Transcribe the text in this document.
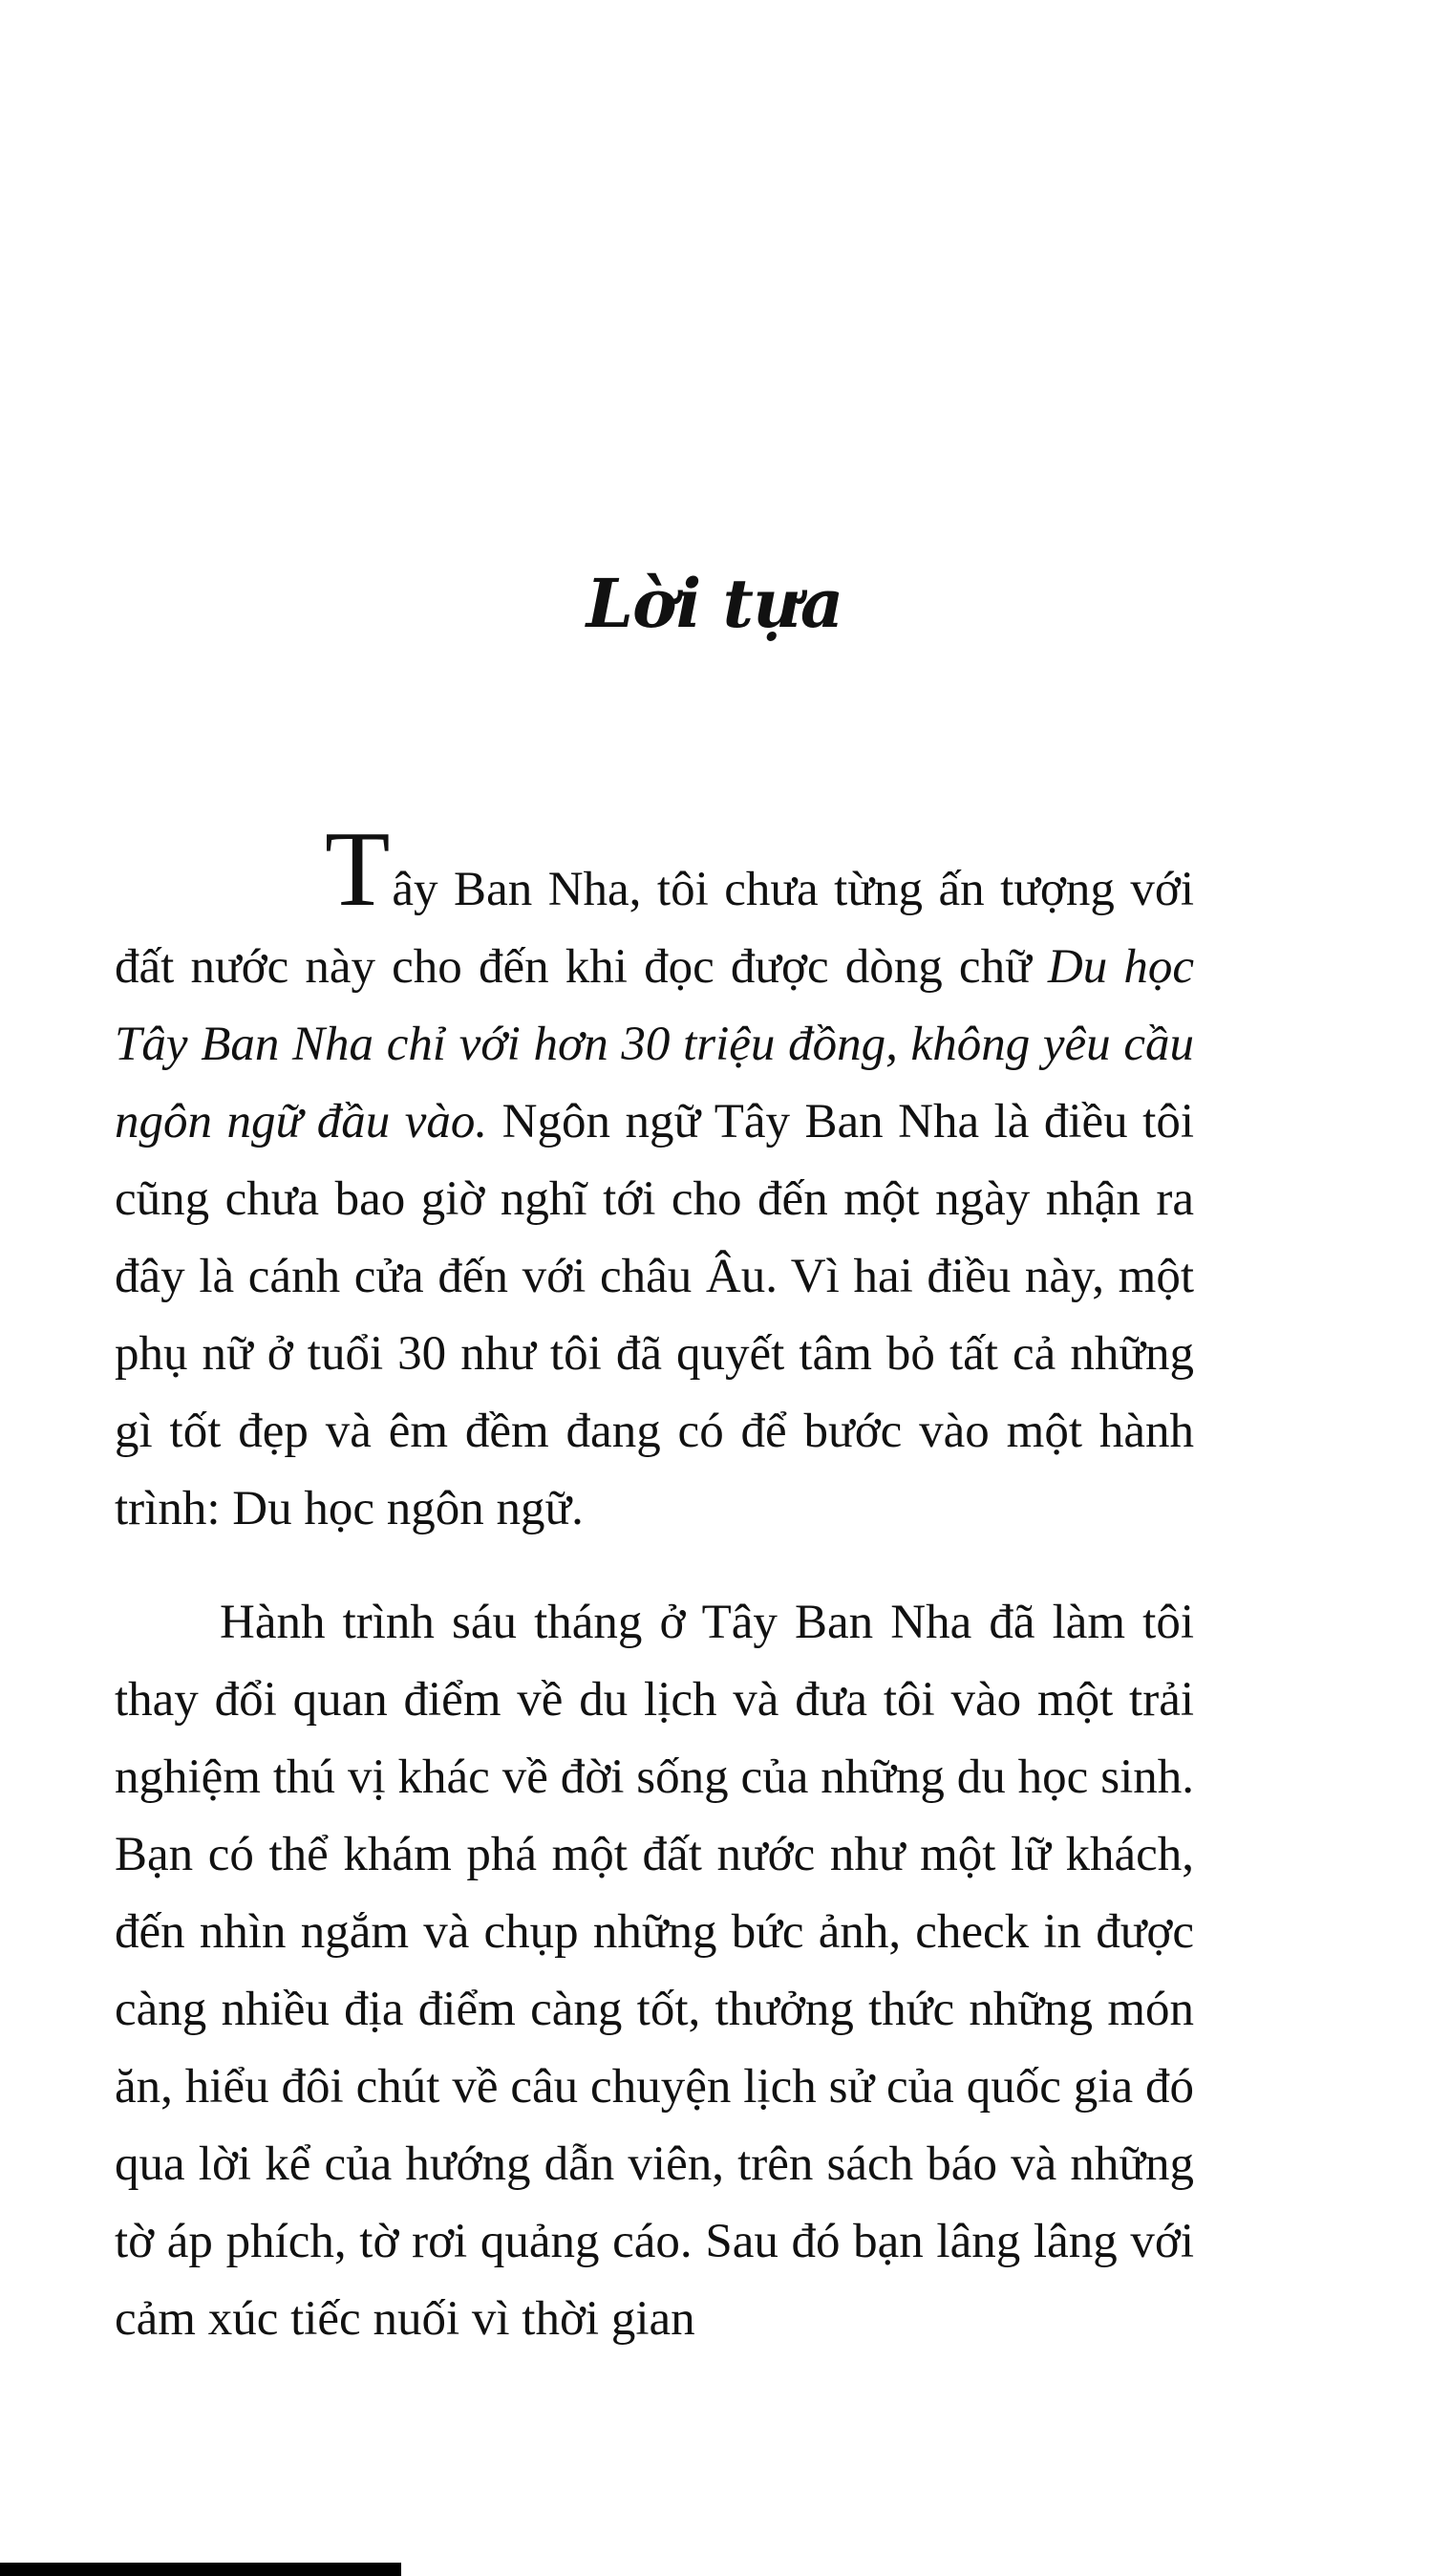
Lời tựa

Tây Ban Nha, tôi chưa từng ấn tượng với đất nước này cho đến khi đọc được dòng chữ Du học Tây Ban Nha chỉ với hơn 30 triệu đồng, không yêu cầu ngôn ngữ đầu vào. Ngôn ngữ Tây Ban Nha là điều tôi cũng chưa bao giờ nghĩ tới cho đến một ngày nhận ra đây là cánh cửa đến với châu Âu. Vì hai điều này, một phụ nữ ở tuổi 30 như tôi đã quyết tâm bỏ tất cả những gì tốt đẹp và êm đềm đang có để bước vào một hành trình: Du học ngôn ngữ.

Hành trình sáu tháng ở Tây Ban Nha đã làm tôi thay đổi quan điểm về du lịch và đưa tôi vào một trải nghiệm thú vị khác về đời sống của những du học sinh. Bạn có thể khám phá một đất nước như một lữ khách, đến nhìn ngắm và chụp những bức ảnh, check in được càng nhiều địa điểm càng tốt, thưởng thức những món ăn, hiểu đôi chút về câu chuyện lịch sử của quốc gia đó qua lời kể của hướng dẫn viên, trên sách báo và những tờ áp phích, tờ rơi quảng cáo. Sau đó bạn lâng lâng với cảm xúc tiếc nuối vì thời gian
